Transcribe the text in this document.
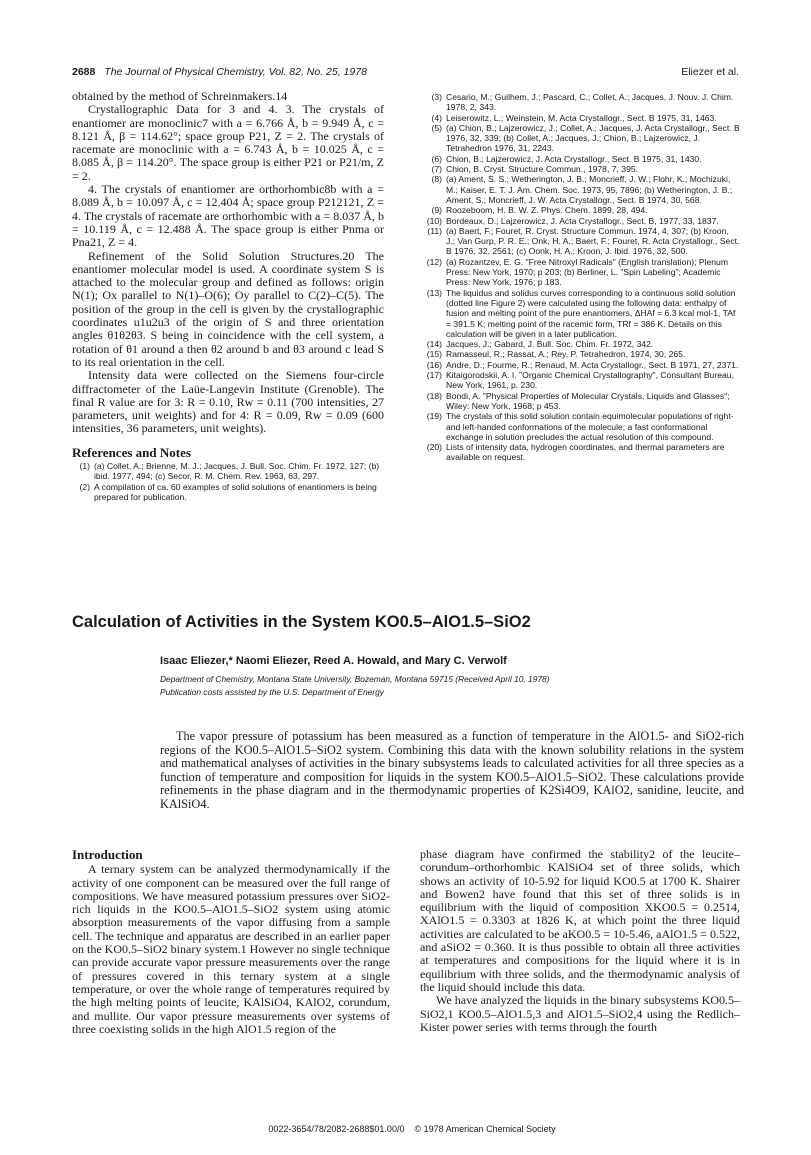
2688 The Journal of Physical Chemistry, Vol. 82, No. 25, 1978	Eliezer et al.

obtained by the method of Schreinmakers.14

Crystallographic Data for 3 and 4. 3. The crystals of enantiomer are monoclinic7 with a = 6.766 Å, b = 9.949 Å, c = 8.121 Å, β = 114.62°; space group P21, Z = 2. The crystals of racemate are monoclinic with a = 6.743 Å, b = 10.025 Å, c = 8.085 Å, β = 114.20°. The space group is either P21 or P21/m, Z = 2.

4. The crystals of enantiomer are orthorhombic8b with a = 8.089 Å, b = 10.097 Å, c = 12.404 Å; space group P212121, Z = 4. The crystals of racemate are orthorhombic with a = 8.037 Å, b = 10.119 Å, c = 12.488 Å. The space group is either Pnma or Pna21, Z = 4.

Refinement of the Solid Solution Structures.20 The enantiomer molecular model is used. A coordinate system S is attached to the molecular group and defined as follows: origin N(1); Ox parallel to N(1)–O(6); Oy parallel to C(2)–C(5). The position of the group in the cell is given by the crystallographic coordinates u1u2u3 of the origin of S and three orientation angles θ1θ2θ3. S being in coincidence with the cell system, a rotation of θ1 around a then θ2 around b and θ3 around c lead S to its real orientation in the cell.

Intensity data were collected on the Siemens four-circle diffractometer of the Laüe-Langevin Institute (Grenoble). The final R value are for 3: R = 0.10, Rw = 0.11 (700 intensities, 27 parameters, unit weights) and for 4: R = 0.09, Rw = 0.09 (600 intensities, 36 parameters, unit weights).

References and Notes
(1) (a) Collet, A.; Brienne, M. J.; Jacques, J. Bull. Soc. Chim. Fr. 1972, 127; (b) ibid. 1977, 494; (c) Secor, R. M. Chem. Rev. 1963, 63, 297.
(2) A compilation of ca. 60 examples of solid solutions of enantiomers is being prepared for publication.
(3) Cesario, M.; Guilhem, J.; Pascard, C.; Collet, A.; Jacques, J. Nouv. J. Chim. 1978, 2, 343.
(4) Leiserowitz, L.; Weinstein, M. Acta Crystallogr., Sect. B 1975, 31, 1463.
(5) (a) Chion, B.; Lajzerowicz, J.; Collet, A.; Jacques, J. Acta Crystallogr., Sect. B 1976, 32, 339; (b) Collet, A.; Jacques, J.; Chion, B.; Lajzerowicz, J. Tetrahedron 1976, 31, 2243.
(6) Chion, B.; Lajzerowicz, J. Acta Crystallogr., Sect. B 1975, 31, 1430.
(7) Chion, B. Cryst. Structure Commun., 1978, 7, 395.
(8) (a) Ament, S. S.; Wetherington, J. B.; Moncrieff, J. W.; Flohr, K.; Mochizuki, M.; Kaiser, E. T. J. Am. Chem. Soc. 1973, 95, 7896; (b) Wetherington, J. B.; Ament, S.; Moncrieff, J. W. Acta Crystallogr., Sect. B 1974, 30, 568.
(9) Roozeboom, H. B. W. Z. Phys. Chem. 1899, 28, 494.
(10) Bordeaux, D.; Lajzerowicz, J. Acta Crystallogr., Sect. B, 1977, 33, 1837.
(11) (a) Baert, F.; Fouret, R. Cryst. Structure Commun. 1974, 4, 307; (b) Kroon, J.; Van Gurp, P. R. E.; Onk, H. A.; Baert, F.; Fouret, R. Acta Crystallogr., Sect. B 1976, 32, 2561; (c) Oonk, H. A.; Kroon, J. Ibid. 1976, 32, 500.
(12) (a) Rozantzev, E. G. "Free Nitroxyl Radicals" (English translation); Plenum Press: New York, 1970; p 203; (b) Berliner, L. "Spin Labeling"; Academic Press: New York, 1976; p 183.
(13) The liquidus and solidus curves corresponding to a continuous solid solution (dotted line Figure 2) were calculated using the following data: enthalpy of fusion and melting point of the pure enantiomers, ΔHAf = 6.3 kcal mol-1, TAf = 391.5 K; melting point of the racemic form, TRf = 386 K. Details on this calculation will be given in a later publication.
(14) Jacques, J.; Gabard, J. Bull. Soc. Chim. Fr. 1972, 342.
(15) Ramasseul, R.; Rassat, A.; Rey, P. Tetrahedron, 1974, 30, 265.
(16) Andre, D.; Fourme, R.; Renaud, M. Acta Crystallogr., Sect. B 1971, 27, 2371.
(17) Kitaigorodskii, A. I. "Organic Chemical Crystallography", Consultant Bureau, New York, 1961, p. 230.
(18) Bondi, A. "Physical Properties of Molecular Crystals, Liquids and Glasses"; Wiley: New York, 1968; p 453.
(19) The crystals of this solid solution contain equimolecular populations of right- and left-handed conformations of the molecule; a fast conformational exchange in solution precludes the actual resolution of this compound.
(20) Lists of intensity data, hydrogen coordinates, and thermal parameters are available on request.
Calculation of Activities in the System KO0.5–AlO1.5–SiO2
Isaac Eliezer,* Naomi Eliezer, Reed A. Howald, and Mary C. Verwolf
Department of Chemistry, Montana State University, Bozeman, Montana 59715 (Received April 10, 1978)
Publication costs assisted by the U.S. Department of Energy

The vapor pressure of potassium has been measured as a function of temperature in the AlO1.5- and SiO2-rich regions of the KO0.5–AlO1.5–SiO2 system. Combining this data with the known solubility relations in the system and mathematical analyses of activities in the binary subsystems leads to calculated activities for all three species as a function of temperature and composition for liquids in the system KO0.5–AlO1.5–SiO2. These calculations provide refinements in the phase diagram and in the thermodynamic properties of K2Si4O9, KAlO2, sanidine, leucite, and KAlSiO4.

Introduction

A ternary system can be analyzed thermodynamically if the activity of one component can be measured over the full range of compositions. We have measured potassium pressures over SiO2-rich liquids in the KO0.5–AlO1.5–SiO2 system using atomic absorption measurements of the vapor diffusing from a sample cell. The technique and apparatus are described in an earlier paper on the KO0.5–SiO2 binary system.1 However no single technique can provide accurate vapor pressure measurements over the range of pressures covered in this ternary system at a single temperature, or over the whole range of temperatures required by the high melting points of leucite, KAlSiO4, KAlO2, corundum, and mullite. Our vapor pressure measurements over systems of three coexisting solids in the high AlO1.5 region of the

phase diagram have confirmed the stability2 of the leucite–corundum–orthorhombic KAlSiO4 set of three solids, which shows an activity of 10-5.92 for liquid KO0.5 at 1700 K. Shairer and Bowen2 have found that this set of three solids is in equilibrium with the liquid of composition XKO0.5 = 0.2514, XAlO1.5 = 0.3303 at 1826 K, at which point the three liquid activities are calculated to be aKO0.5 = 10-5.46, aAlO1.5 = 0.522, and aSiO2 = 0.360. It is thus possible to obtain all three activities at temperatures and compositions for the liquid where it is in equilibrium with three solids, and the thermodynamic analysis of the liquid should include this data.

We have analyzed the liquids in the binary subsystems KO0.5–SiO2,1 KO0.5–AlO1.5,3 and AlO1.5–SiO2,4 using the Redlich–Kister power series with terms through the fourth

0022-3654/78/2082-2688$01.00/0 © 1978 American Chemical Society
